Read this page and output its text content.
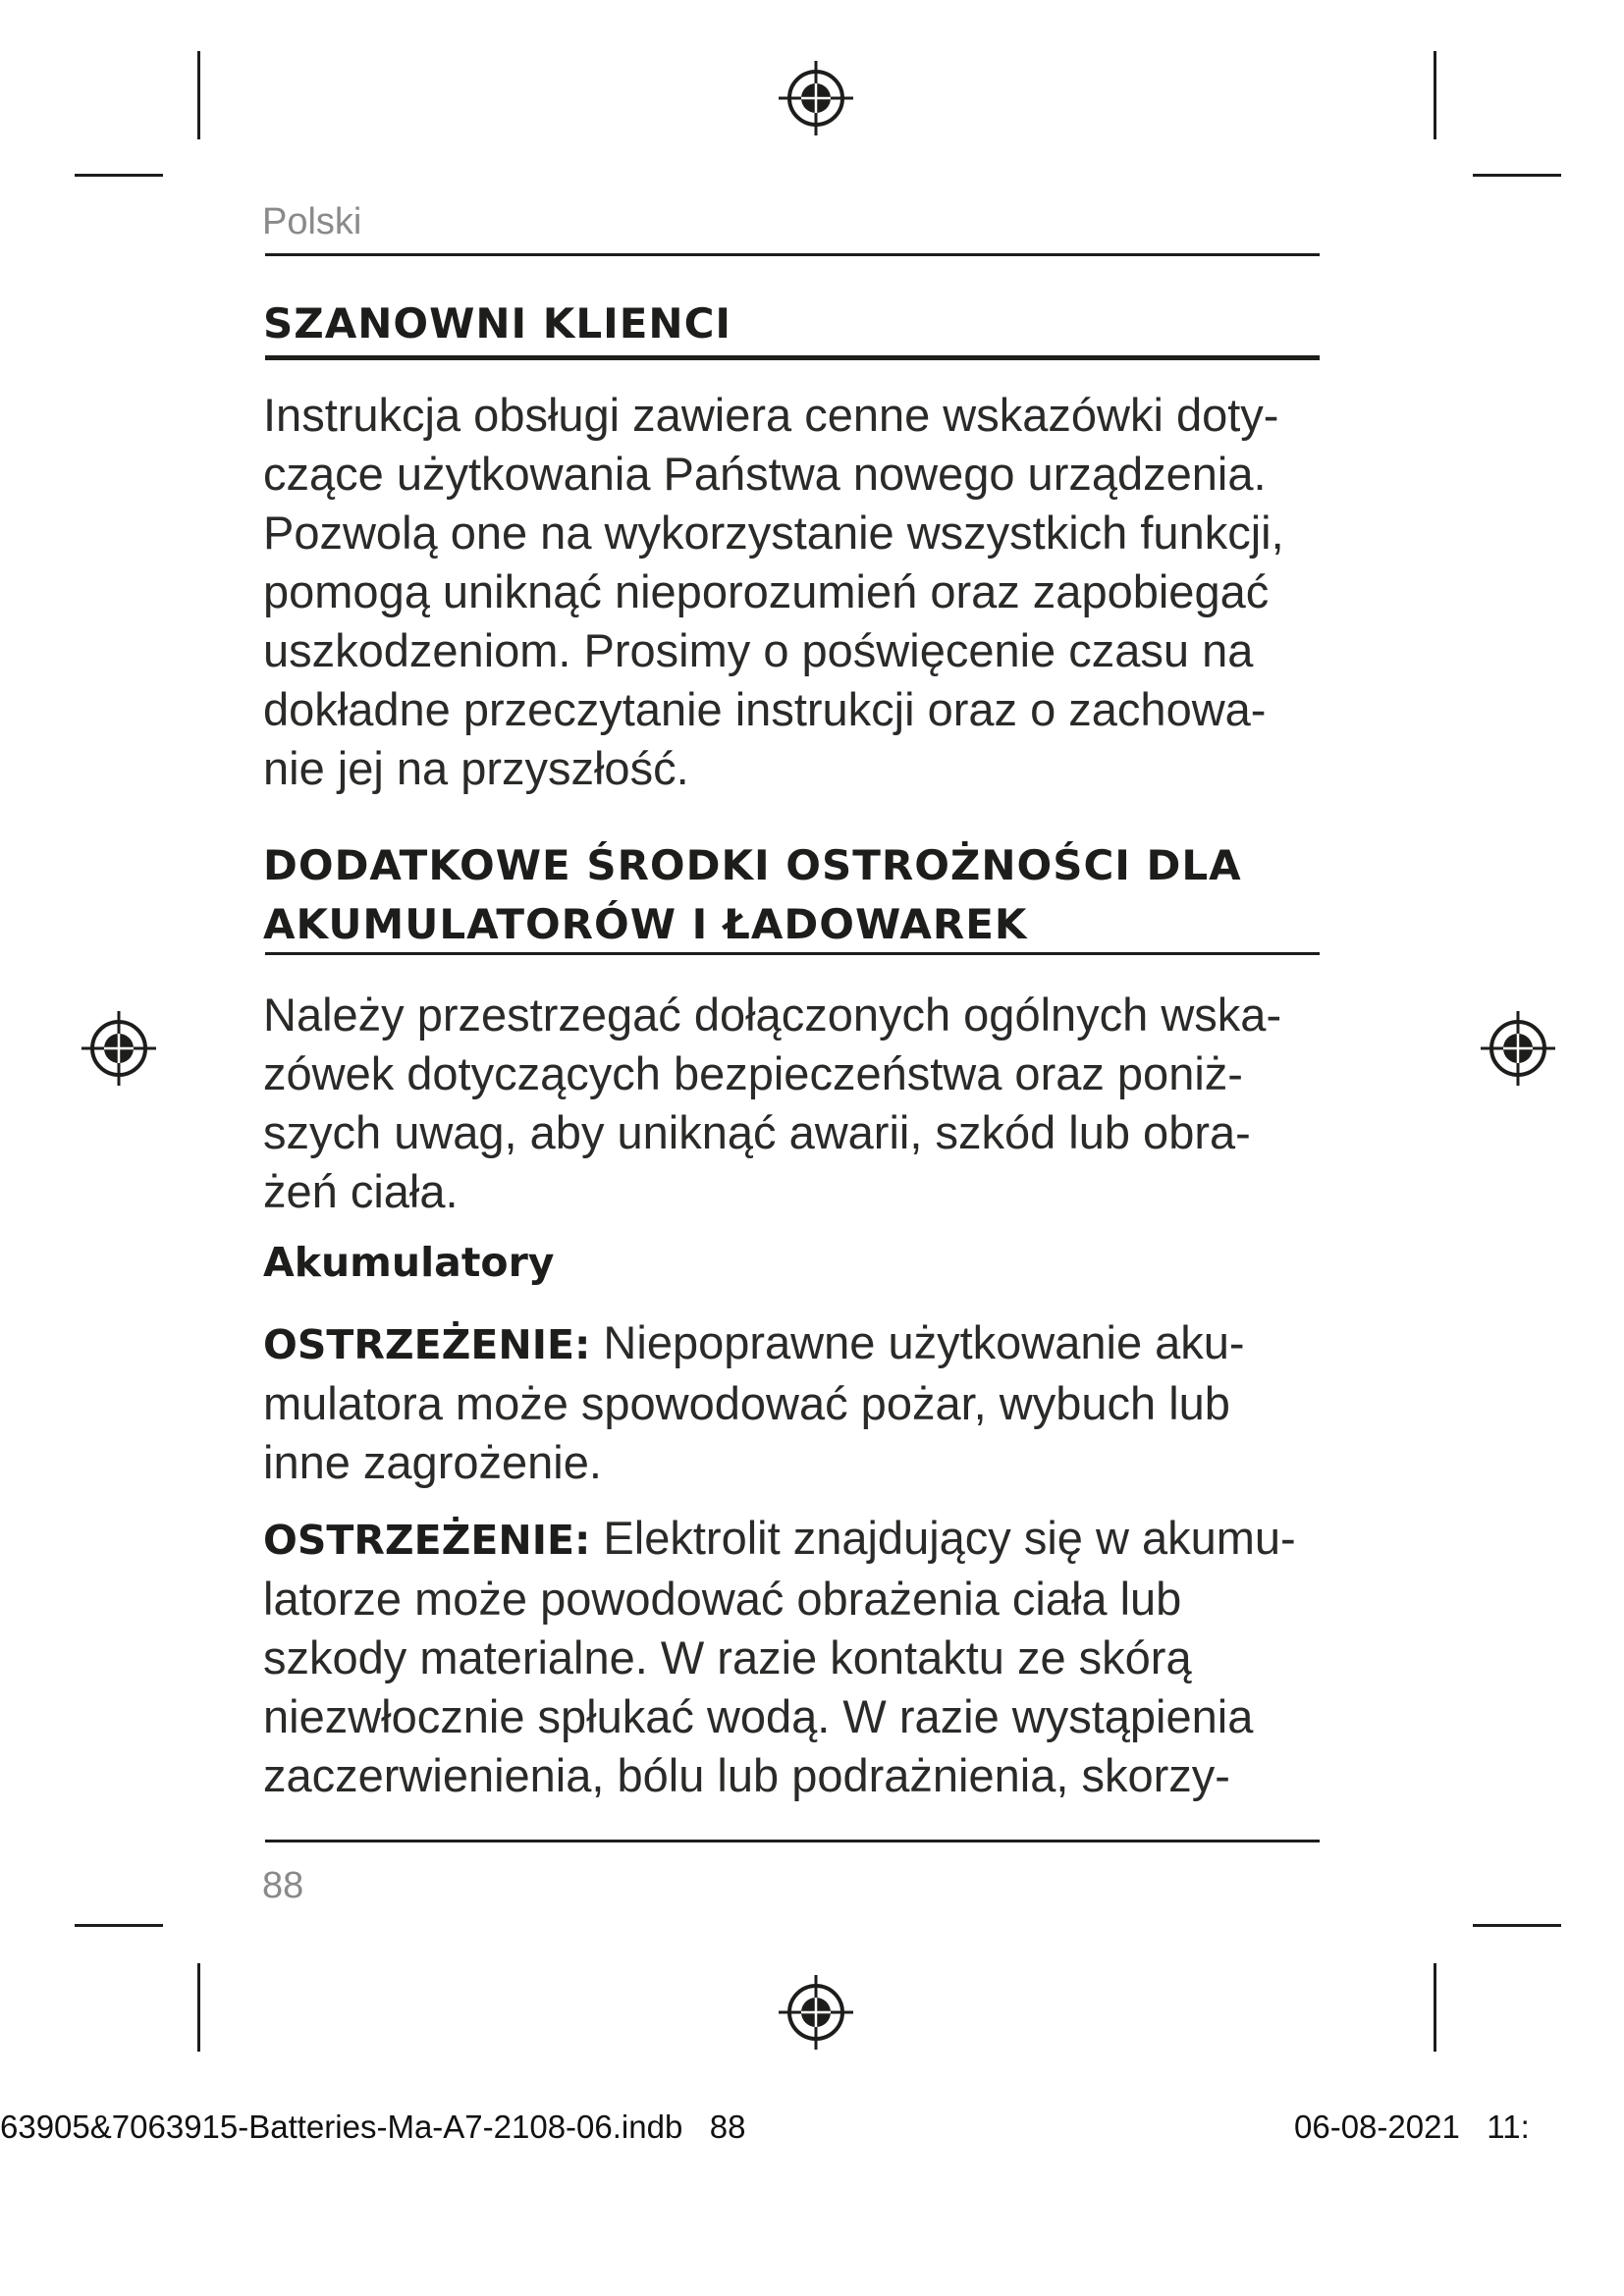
Polski
SZANOWNI KLIENCI
Instrukcja obsługi zawiera cenne wskazówki doty-
czące użytkowania Państwa nowego urządzenia.
Pozwolą one na wykorzystanie wszystkich funkcji,
pomogą uniknąć nieporozumień oraz zapobiegać
uszkodzeniom. Prosimy o poświęcenie czasu na
dokładne przeczytanie instrukcji oraz o zachowa-
nie jej na przyszłość.
DODATKOWE ŚRODKI OSTROŻNOŚCI DLA
AKUMULATORÓW I ŁADOWAREK
Należy przestrzegać dołączonych ogólnych wska-
zówek dotyczących bezpieczeństwa oraz poniż-
szych uwag, aby uniknąć awarii, szkód lub obra-
żeń ciała.
Akumulatory
OSTRZEŻENIE: Niepoprawne użytkowanie aku-
mulatora może spowodować pożar, wybuch lub
inne zagrożenie.
OSTRZEŻENIE: Elektrolit znajdujący się w akumu-
latorze może powodować obrażenia ciała lub
szkody materialne. W razie kontaktu ze skórą
niezwłocznie spłukać wodą. W razie wystąpienia
zaczerwienienia, bólu lub podrażnienia, skorzy-
88
63905&7063915-Batteries-Ma-A7-2108-06.indb   88	06-08-2021   11:
